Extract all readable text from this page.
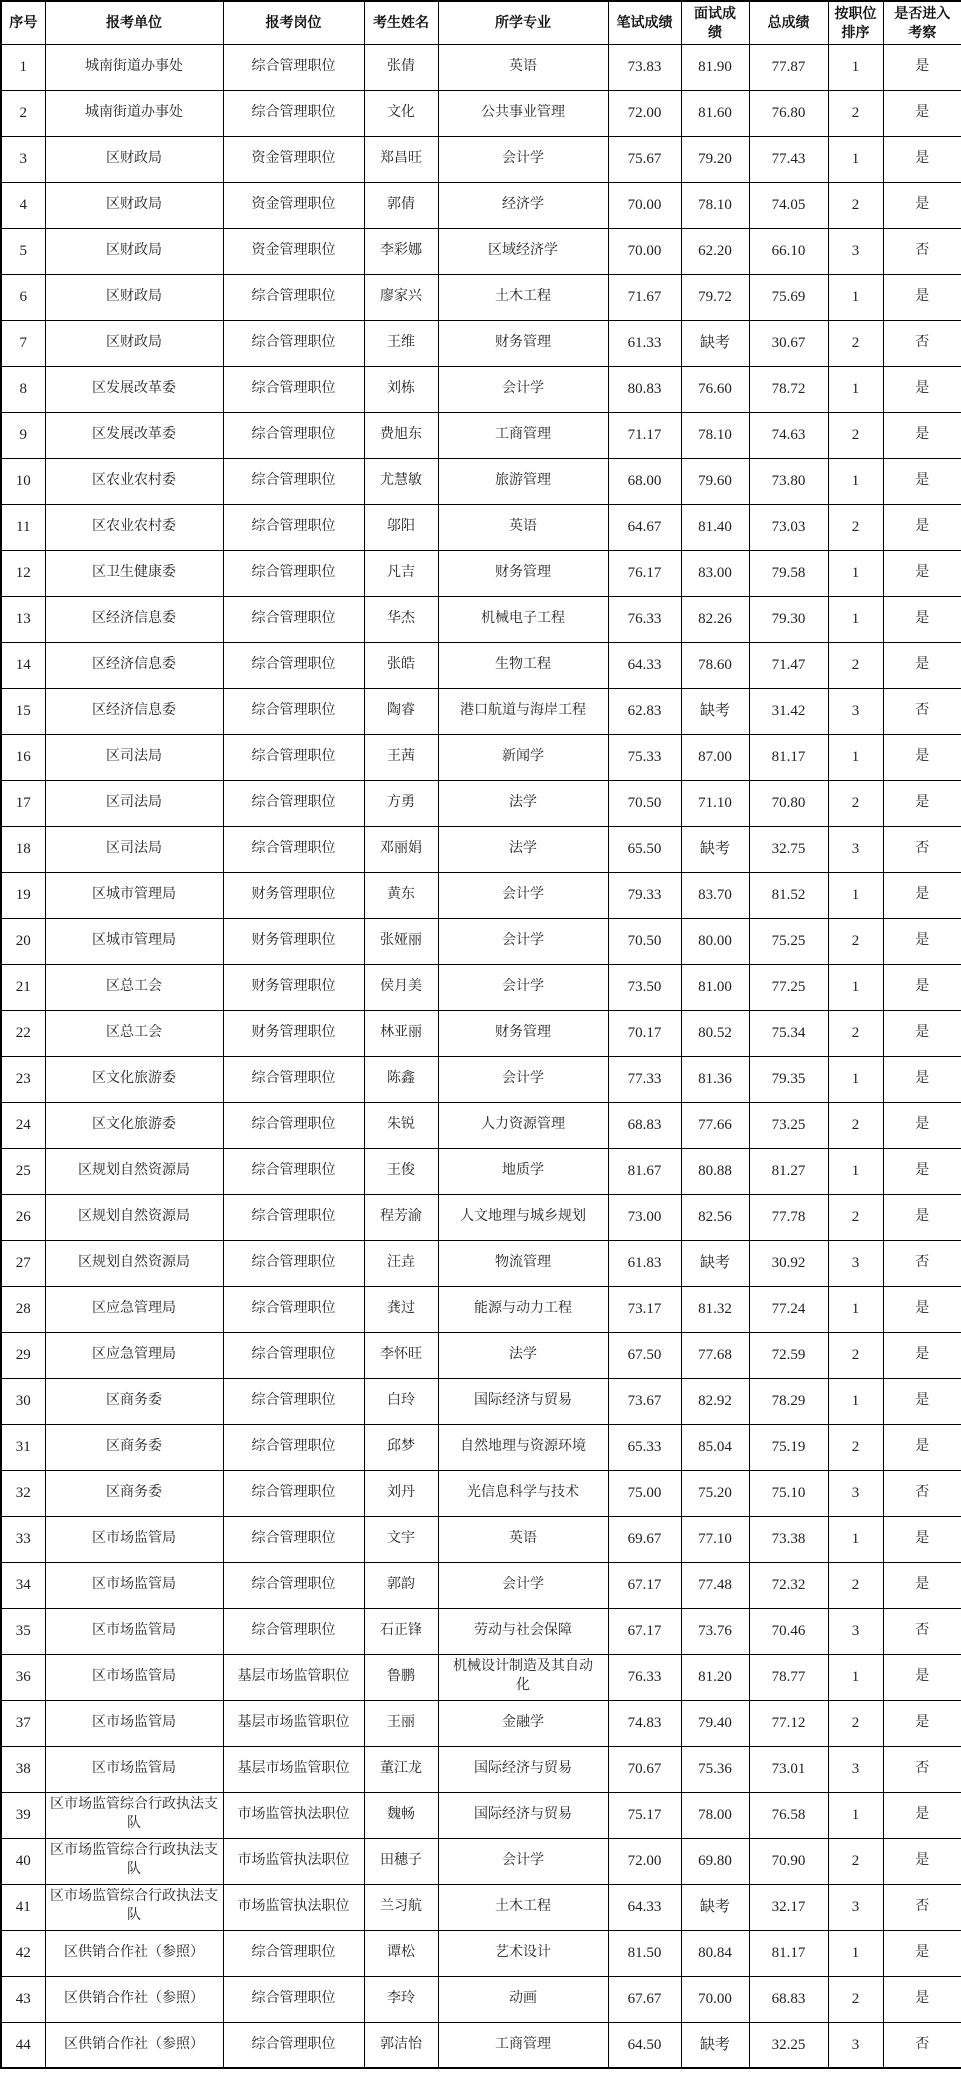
序号	报考单位	报考岗位	考生姓名	所学专业	笔试成绩	面试成绩	总成绩	按职位排序	是否进入考察
1	城南街道办事处	综合管理职位	张倩	英语	73.83	81.90	77.87	1	是
2	城南街道办事处	综合管理职位	文化	公共事业管理	72.00	81.60	76.80	2	是
3	区财政局	资金管理职位	郑昌旺	会计学	75.67	79.20	77.43	1	是
4	区财政局	资金管理职位	郭倩	经济学	70.00	78.10	74.05	2	是
5	区财政局	资金管理职位	李彩娜	区域经济学	70.00	62.20	66.10	3	否
6	区财政局	综合管理职位	廖家兴	土木工程	71.67	79.72	75.69	1	是
7	区财政局	综合管理职位	王维	财务管理	61.33	缺考	30.67	2	否
8	区发展改革委	综合管理职位	刘栋	会计学	80.83	76.60	78.72	1	是
9	区发展改革委	综合管理职位	费旭东	工商管理	71.17	78.10	74.63	2	是
10	区农业农村委	综合管理职位	尤慧敏	旅游管理	68.00	79.60	73.80	1	是
11	区农业农村委	综合管理职位	邬阳	英语	64.67	81.40	73.03	2	是
12	区卫生健康委	综合管理职位	凡吉	财务管理	76.17	83.00	79.58	1	是
13	区经济信息委	综合管理职位	华杰	机械电子工程	76.33	82.26	79.30	1	是
14	区经济信息委	综合管理职位	张皓	生物工程	64.33	78.60	71.47	2	是
15	区经济信息委	综合管理职位	陶睿	港口航道与海岸工程	62.83	缺考	31.42	3	否
16	区司法局	综合管理职位	王茜	新闻学	75.33	87.00	81.17	1	是
17	区司法局	综合管理职位	方勇	法学	70.50	71.10	70.80	2	是
18	区司法局	综合管理职位	邓丽娟	法学	65.50	缺考	32.75	3	否
19	区城市管理局	财务管理职位	黄东	会计学	79.33	83.70	81.52	1	是
20	区城市管理局	财务管理职位	张娅丽	会计学	70.50	80.00	75.25	2	是
21	区总工会	财务管理职位	侯月美	会计学	73.50	81.00	77.25	1	是
22	区总工会	财务管理职位	林亚丽	财务管理	70.17	80.52	75.34	2	是
23	区文化旅游委	综合管理职位	陈鑫	会计学	77.33	81.36	79.35	1	是
24	区文化旅游委	综合管理职位	朱锐	人力资源管理	68.83	77.66	73.25	2	是
25	区规划自然资源局	综合管理职位	王俊	地质学	81.67	80.88	81.27	1	是
26	区规划自然资源局	综合管理职位	程芳渝	人文地理与城乡规划	73.00	82.56	77.78	2	是
27	区规划自然资源局	综合管理职位	汪垚	物流管理	61.83	缺考	30.92	3	否
28	区应急管理局	综合管理职位	龚过	能源与动力工程	73.17	81.32	77.24	1	是
29	区应急管理局	综合管理职位	李怀旺	法学	67.50	77.68	72.59	2	是
30	区商务委	综合管理职位	白玲	国际经济与贸易	73.67	82.92	78.29	1	是
31	区商务委	综合管理职位	邱梦	自然地理与资源环境	65.33	85.04	75.19	2	是
32	区商务委	综合管理职位	刘丹	光信息科学与技术	75.00	75.20	75.10	3	否
33	区市场监管局	综合管理职位	文宇	英语	69.67	77.10	73.38	1	是
34	区市场监管局	综合管理职位	郭韵	会计学	67.17	77.48	72.32	2	是
35	区市场监管局	综合管理职位	石正锋	劳动与社会保障	67.17	73.76	70.46	3	否
36	区市场监管局	基层市场监管职位	鲁鹏	机械设计制造及其自动化	76.33	81.20	78.77	1	是
37	区市场监管局	基层市场监管职位	王丽	金融学	74.83	79.40	77.12	2	是
38	区市场监管局	基层市场监管职位	董江龙	国际经济与贸易	70.67	75.36	73.01	3	否
39	区市场监管综合行政执法支队	市场监管执法职位	魏畅	国际经济与贸易	75.17	78.00	76.58	1	是
40	区市场监管综合行政执法支队	市场监管执法职位	田穗子	会计学	72.00	69.80	70.90	2	是
41	区市场监管综合行政执法支队	市场监管执法职位	兰习航	土木工程	64.33	缺考	32.17	3	否
42	区供销合作社（参照）	综合管理职位	谭松	艺术设计	81.50	80.84	81.17	1	是
43	区供销合作社（参照）	综合管理职位	李玲	动画	67.67	70.00	68.83	2	是
44	区供销合作社（参照）	综合管理职位	郭洁怡	工商管理	64.50	缺考	32.25	3	否
